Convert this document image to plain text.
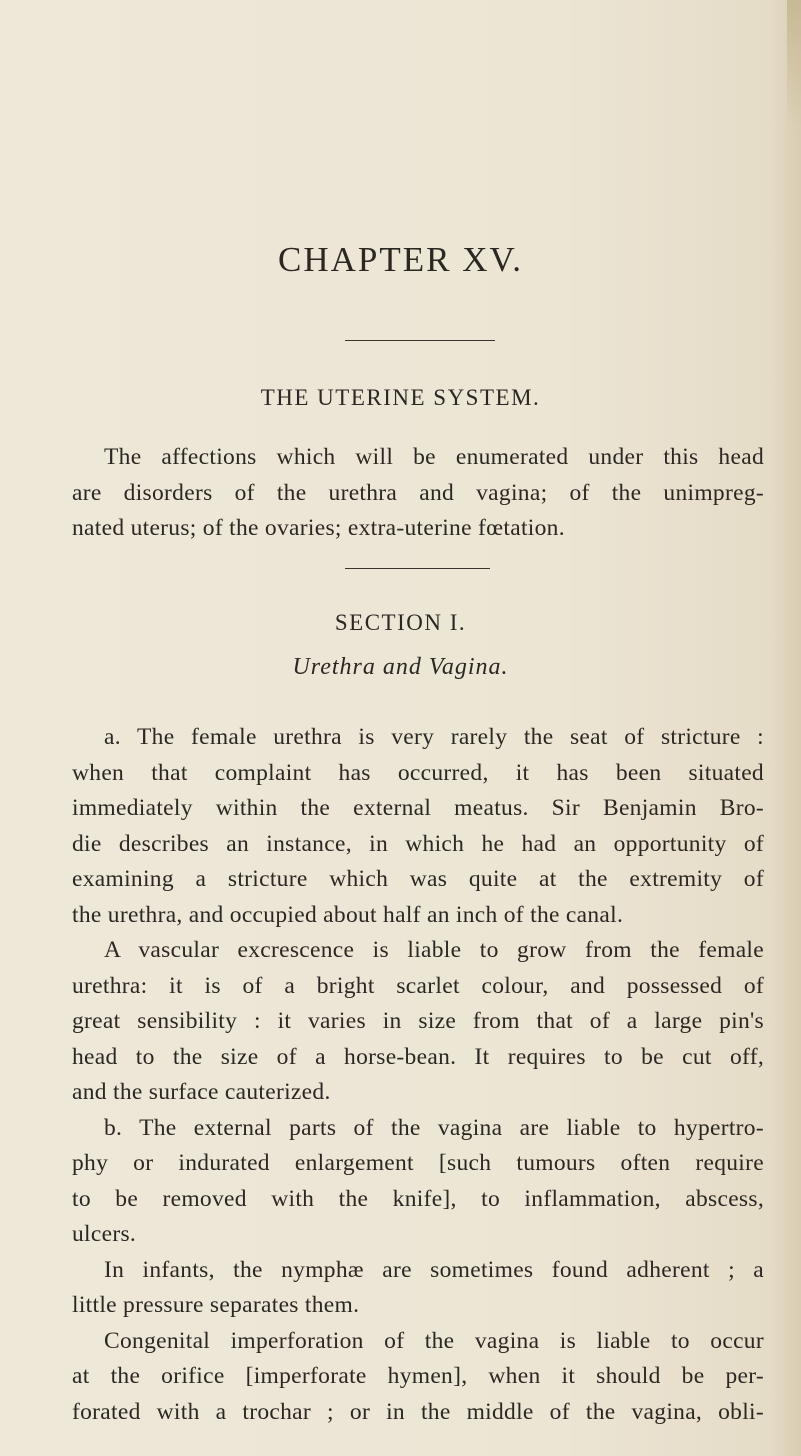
CHAPTER XV.
THE UTERINE SYSTEM.
The affections which will be enumerated under this head
are disorders of the urethra and vagina; of the unimpreg-
nated uterus; of the ovaries; extra-uterine fœtation.
SECTION I.
Urethra and Vagina.
a. The female urethra is very rarely the seat of stricture :
when that complaint has occurred, it has been situated
immediately within the external meatus. Sir Benjamin Bro-
die describes an instance, in which he had an opportunity of
examining a stricture which was quite at the extremity of
the urethra, and occupied about half an inch of the canal.
A vascular excrescence is liable to grow from the female
urethra: it is of a bright scarlet colour, and possessed of
great sensibility : it varies in size from that of a large pin's
head to the size of a horse-bean. It requires to be cut off,
and the surface cauterized.
b. The external parts of the vagina are liable to hypertro-
phy or indurated enlargement [such tumours often require
to be removed with the knife], to inflammation, abscess,
ulcers.
In infants, the nymphæ are sometimes found adherent ; a
little pressure separates them.
Congenital imperforation of the vagina is liable to occur
at the orifice [imperforate hymen], when it should be per-
forated with a trochar ; or in the middle of the vagina, obli-
